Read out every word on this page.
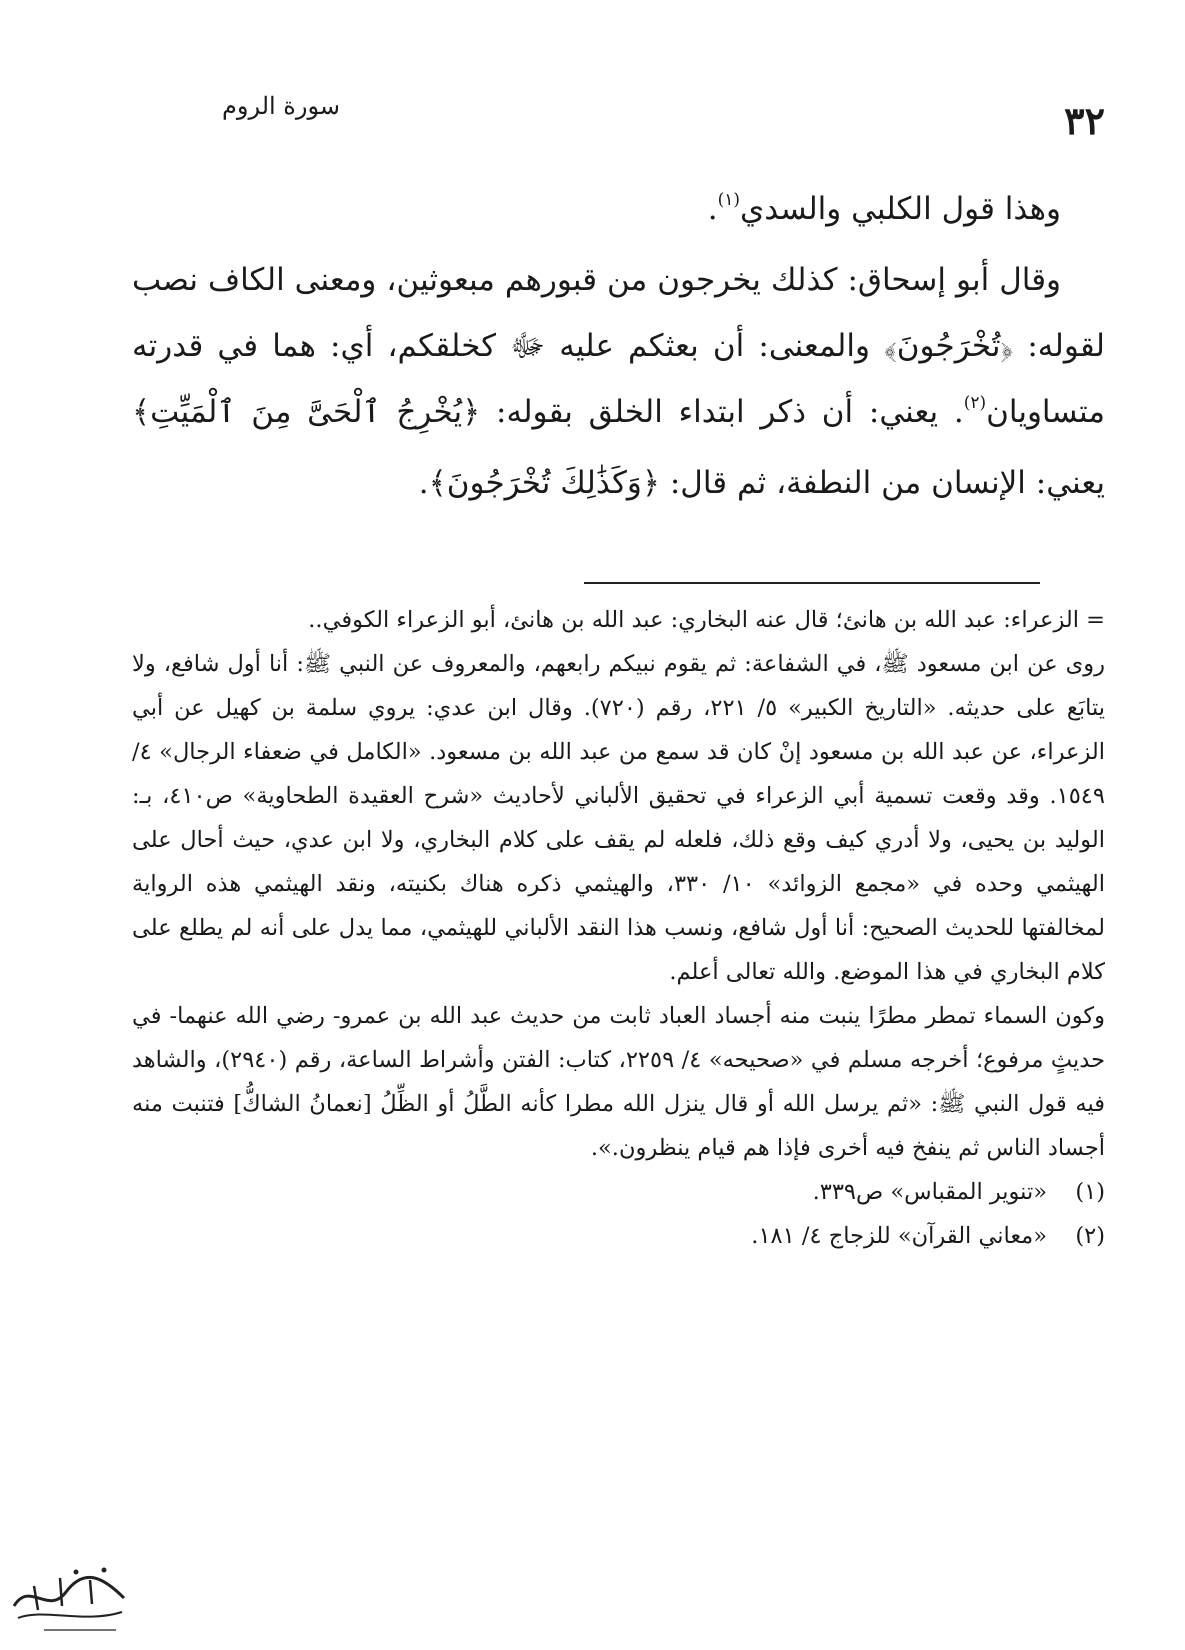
٣٢
سورة الروم

وهذا قول الكلبي والسدي$^{(١)}$.

وقال أبو إسحاق: كذلك يخرجون من قبورهم مبعوثين، ومعنى الكاف نصب لقوله: ﴿تُخْرَجُونَ﴾ والمعنى: أن بعثكم عليه ﷻ كخلقكم، أي: هما في قدرته متساويان$^{(٢)}$. يعني: أن ذكر ابتداء الخلق بقوله: ﴿يُخْرِجُ ٱلْحَىَّ مِنَ ٱلْمَيِّتِ﴾ يعني: الإنسان من النطفة، ثم قال: ﴿وَكَذَٰلِكَ تُخْرَجُونَ﴾.

= الزعراء: عبد الله بن هانئ؛ قال عنه البخاري: عبد الله بن هانئ، أبو الزعراء الكوفي..

روى عن ابن مسعود ﷺ، في الشفاعة: ثم يقوم نبيكم رابعهم، والمعروف عن النبي ﷺ: أنا أول شافع، ولا يتابَع على حديثه. «التاريخ الكبير» ٥/ ٢٢١، رقم (٧٢٠). وقال ابن عدي: يروي سلمة بن كهيل عن أبي الزعراء، عن عبد الله بن مسعود إنْ كان قد سمع من عبد الله بن مسعود. «الكامل في ضعفاء الرجال» ٤/ ١٥٤٩. وقد وقعت تسمية أبي الزعراء في تحقيق الألباني لأحاديث «شرح العقيدة الطحاوية» ص٤١٠، بـ: الوليد بن يحيى، ولا أدري كيف وقع ذلك، فلعله لم يقف على كلام البخاري، ولا ابن عدي، حيث أحال على الهيثمي وحده في «مجمع الزوائد» ١٠/ ٣٣٠، والهيثمي ذكره هناك بكنيته، ونقد الهيثمي هذه الرواية لمخالفتها للحديث الصحيح: أنا أول شافع، ونسب هذا النقد الألباني للهيثمي، مما يدل على أنه لم يطلع على كلام البخاري في هذا الموضع. والله تعالى أعلم.

وكون السماء تمطر مطرًا ينبت منه أجساد العباد ثابت من حديث عبد الله بن عمرو- رضي الله عنهما- في حديثٍ مرفوع؛ أخرجه مسلم في «صحيحه» ٤/ ٢٢٥٩، كتاب: الفتن وأشراط الساعة، رقم (٢٩٤٠)، والشاهد فيه قول النبي ﷺ: «ثم يرسل الله أو قال ينزل الله مطرا كأنه الطَّلُ أو الظِّلُ [نعمانُ الشاكُّ] فتنبت منه أجساد الناس ثم ينفخ فيه أخرى فإذا هم قيام ينظرون.».

(١)
«تنوير المقباس» ص٣٣٩.
(٢)
«معاني القرآن» للزجاج ٤/ ١٨١.
